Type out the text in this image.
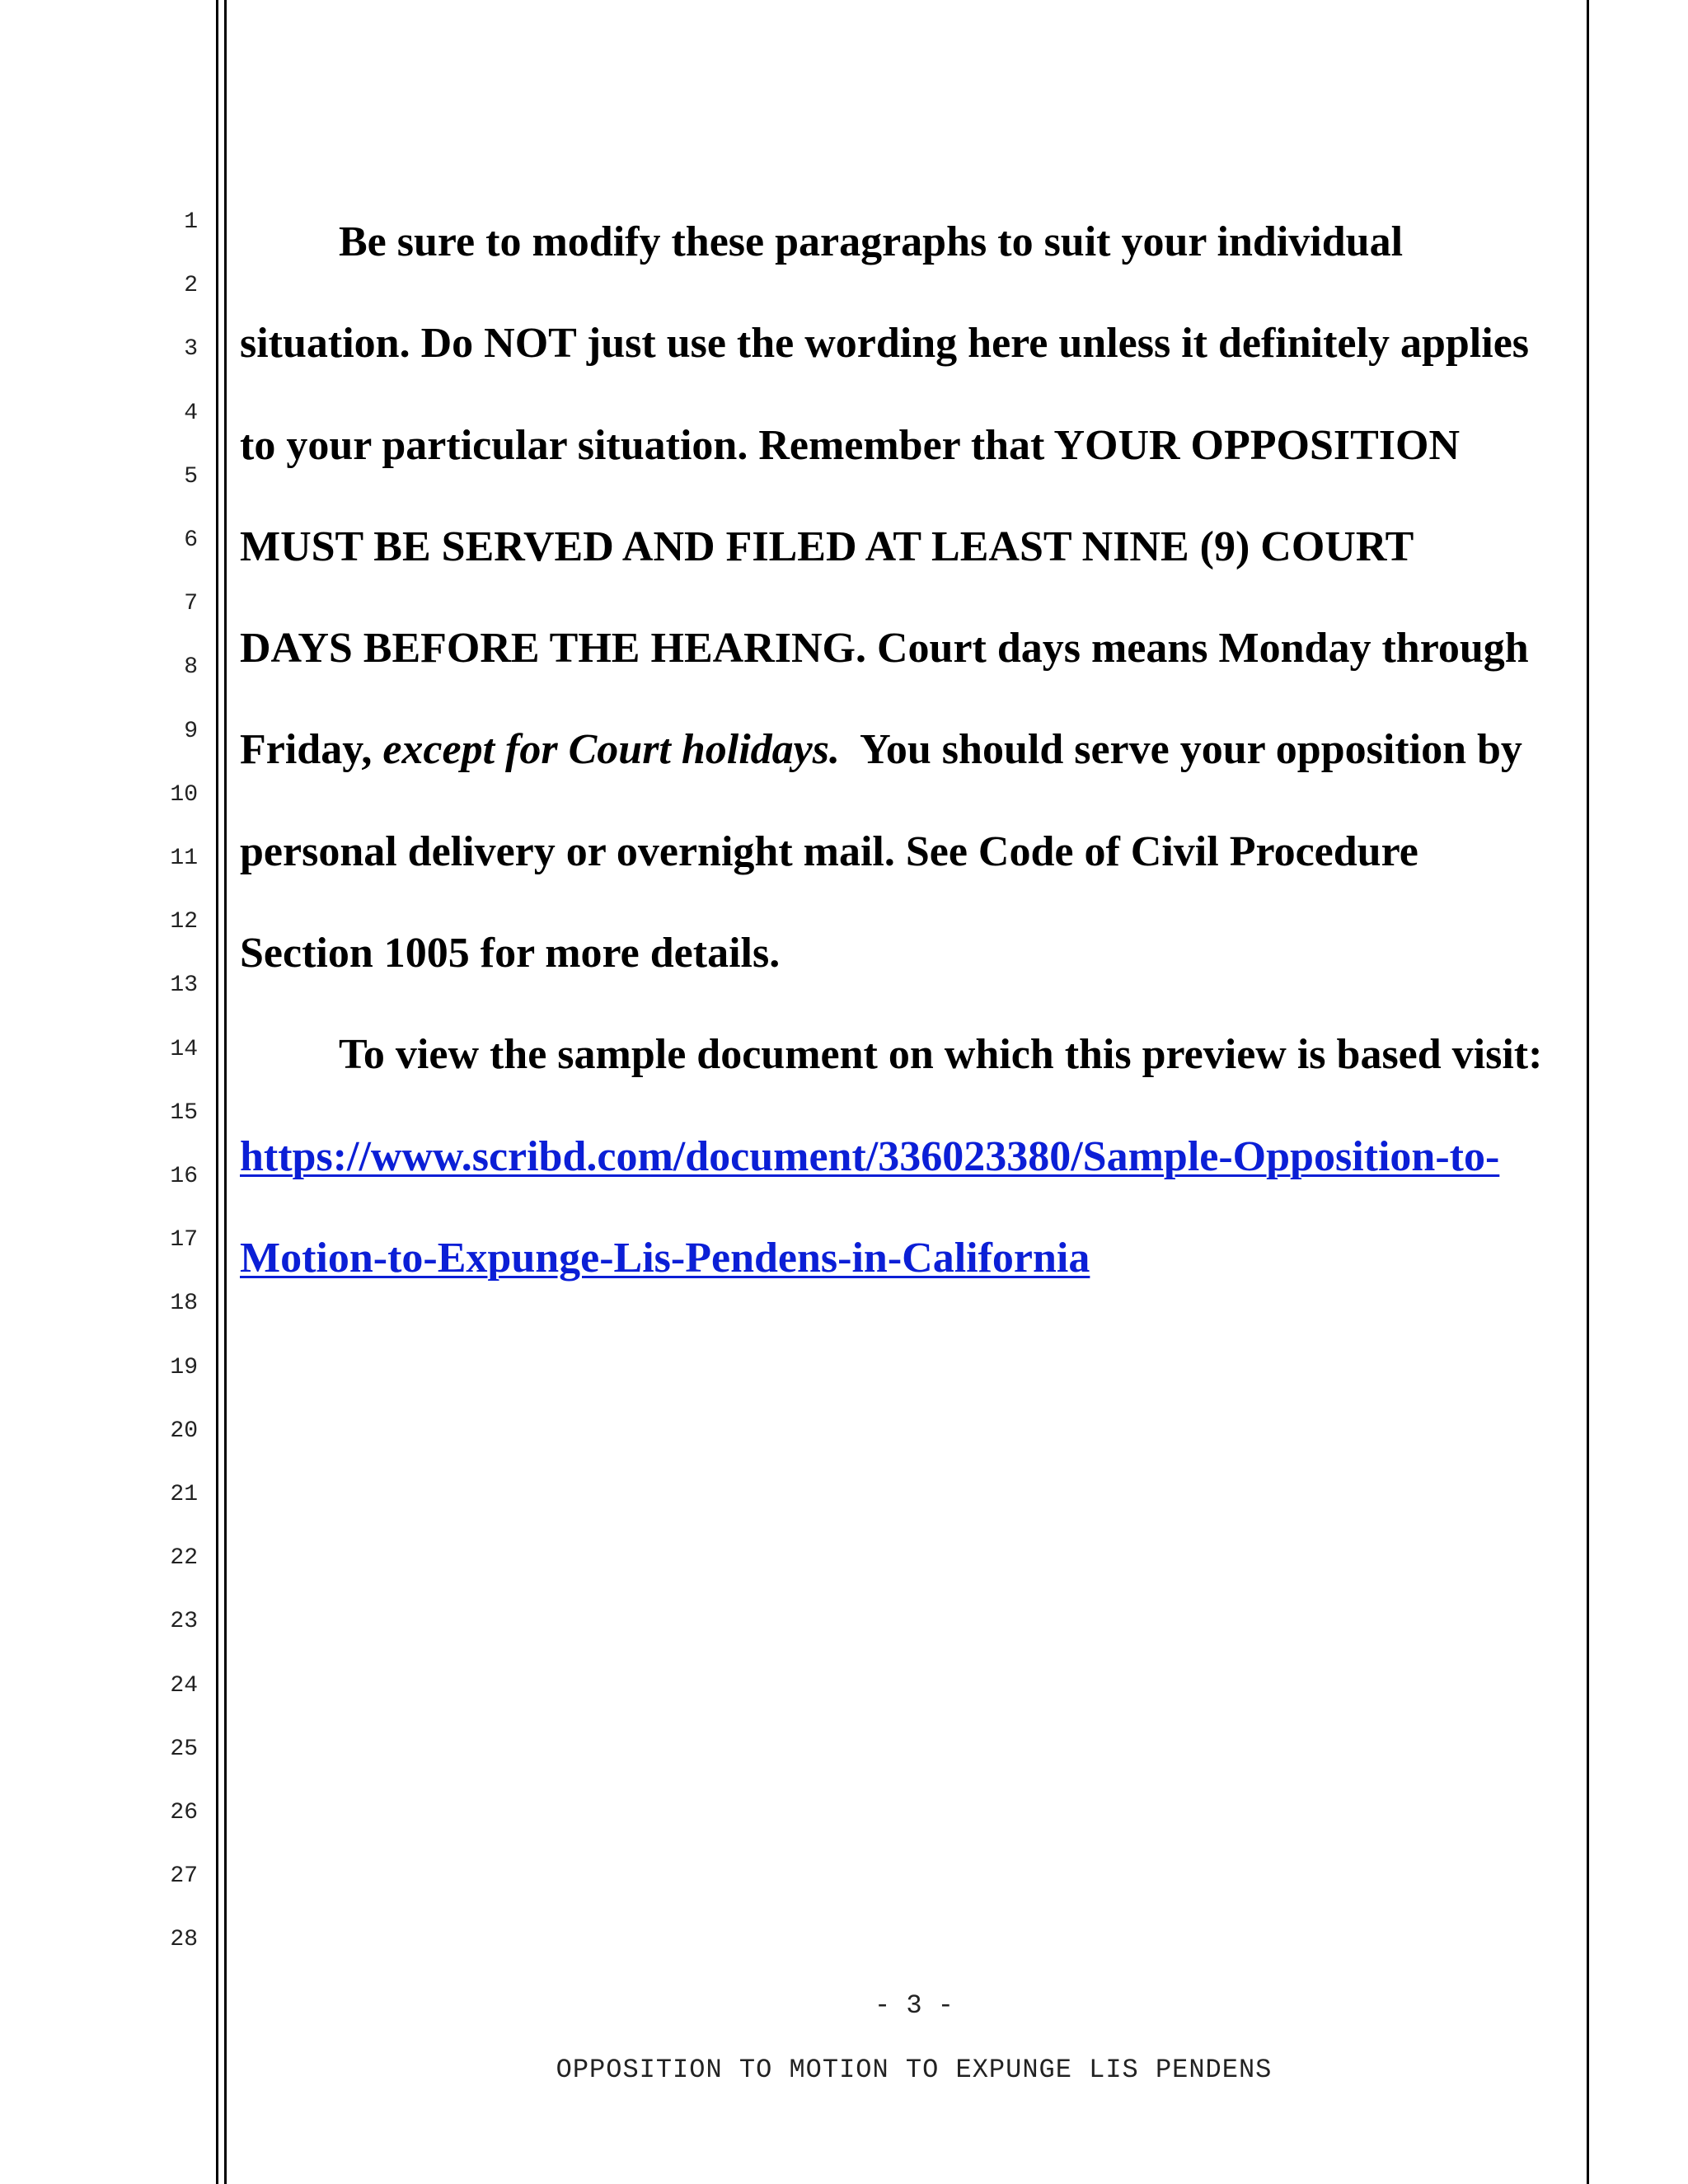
1
2
3
4
5
6
7
8
9
10
11
12
13
14
15
16
17
18
19
20
21
22
23
24
25
26
27
28
Be sure to modify these paragraphs to suit your individual
situation. Do NOT just use the wording here unless it definitely applies
to your particular situation. Remember that YOUR OPPOSITION
MUST BE SERVED AND FILED AT LEAST NINE (9) COURT
DAYS BEFORE THE HEARING. Court days means Monday through
Friday, except for Court holidays.  You should serve your opposition by
personal delivery or overnight mail. See Code of Civil Procedure
Section 1005 for more details.
To view the sample document on which this preview is based visit:
https://www.scribd.com/document/336023380/Sample-Opposition-to-
Motion-to-Expunge-Lis-Pendens-in-California
- 3 -
OPPOSITION TO MOTION TO EXPUNGE LIS PENDENS
